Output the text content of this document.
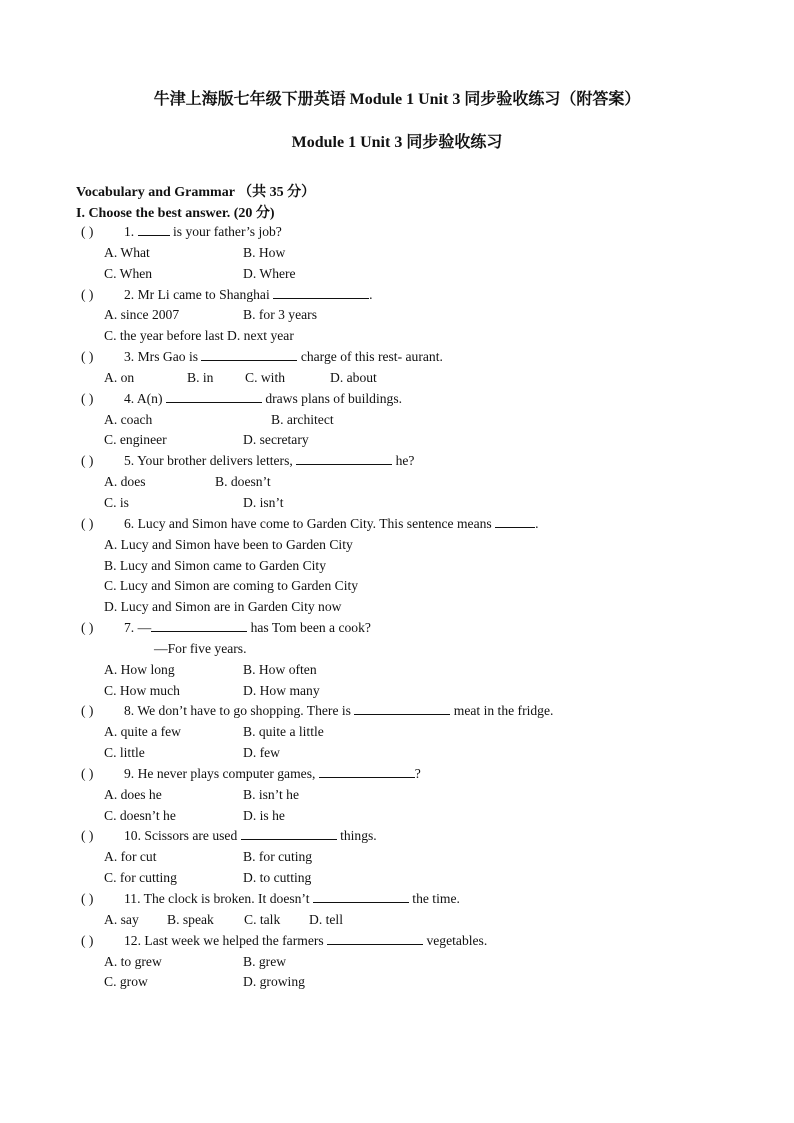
牛津上海版七年级下册英语 Module 1 Unit 3 同步验收练习（附答案）
Module 1 Unit 3 同步验收练习
Vocabulary and Grammar （共 35 分）
I. Choose the best answer. (20 分)
( ) 1.  is your father’s job?
A. What	B. How
C. When	D. Where
( ) 2. Mr Li came to Shanghai	.
A. since 2007	B. for 3 years
C. the year before last D. next year
( ) 3. Mrs Gao is	charge of this rest- aurant.
A. on	B. in C. with	D. about
( ) 4. A(n)	draws plans of buildings.
A. coach	B. architect
C. engineer	D. secretary
( ) 5. Your brother delivers letters,	he?
A. does	B. doesn’t
C. is	D. isn’t
( ) 6. Lucy and Simon have come to Garden City. This sentence means	.
A. Lucy and Simon have been to Garden City
B. Lucy and Simon came to Garden City
C. Lucy and Simon are coming to Garden City
D. Lucy and Simon are in Garden City now
( ) 7. —	has Tom been a cook?
—For five years.
A. How long	B. How often
C. How much	D. How many
( ) 8. We don’t have to go shopping. There is	meat in the fridge.
A. quite a few	B. quite a little
C. little	D. few
( ) 9. He never plays computer games,	?
A. does he	B. isn’t he
C. doesn’t he	D. is he
( ) 10. Scissors are used	things.
A. for cut	B. for cuting
C. for cutting	D. to cutting
( ) 11. The clock is broken. It doesn’t	the time.
A. say B. speak C. talk D. tell
( ) 12. Last week we helped the farmers	vegetables.
A. to grew	B. grew
C. grow	D. growing
